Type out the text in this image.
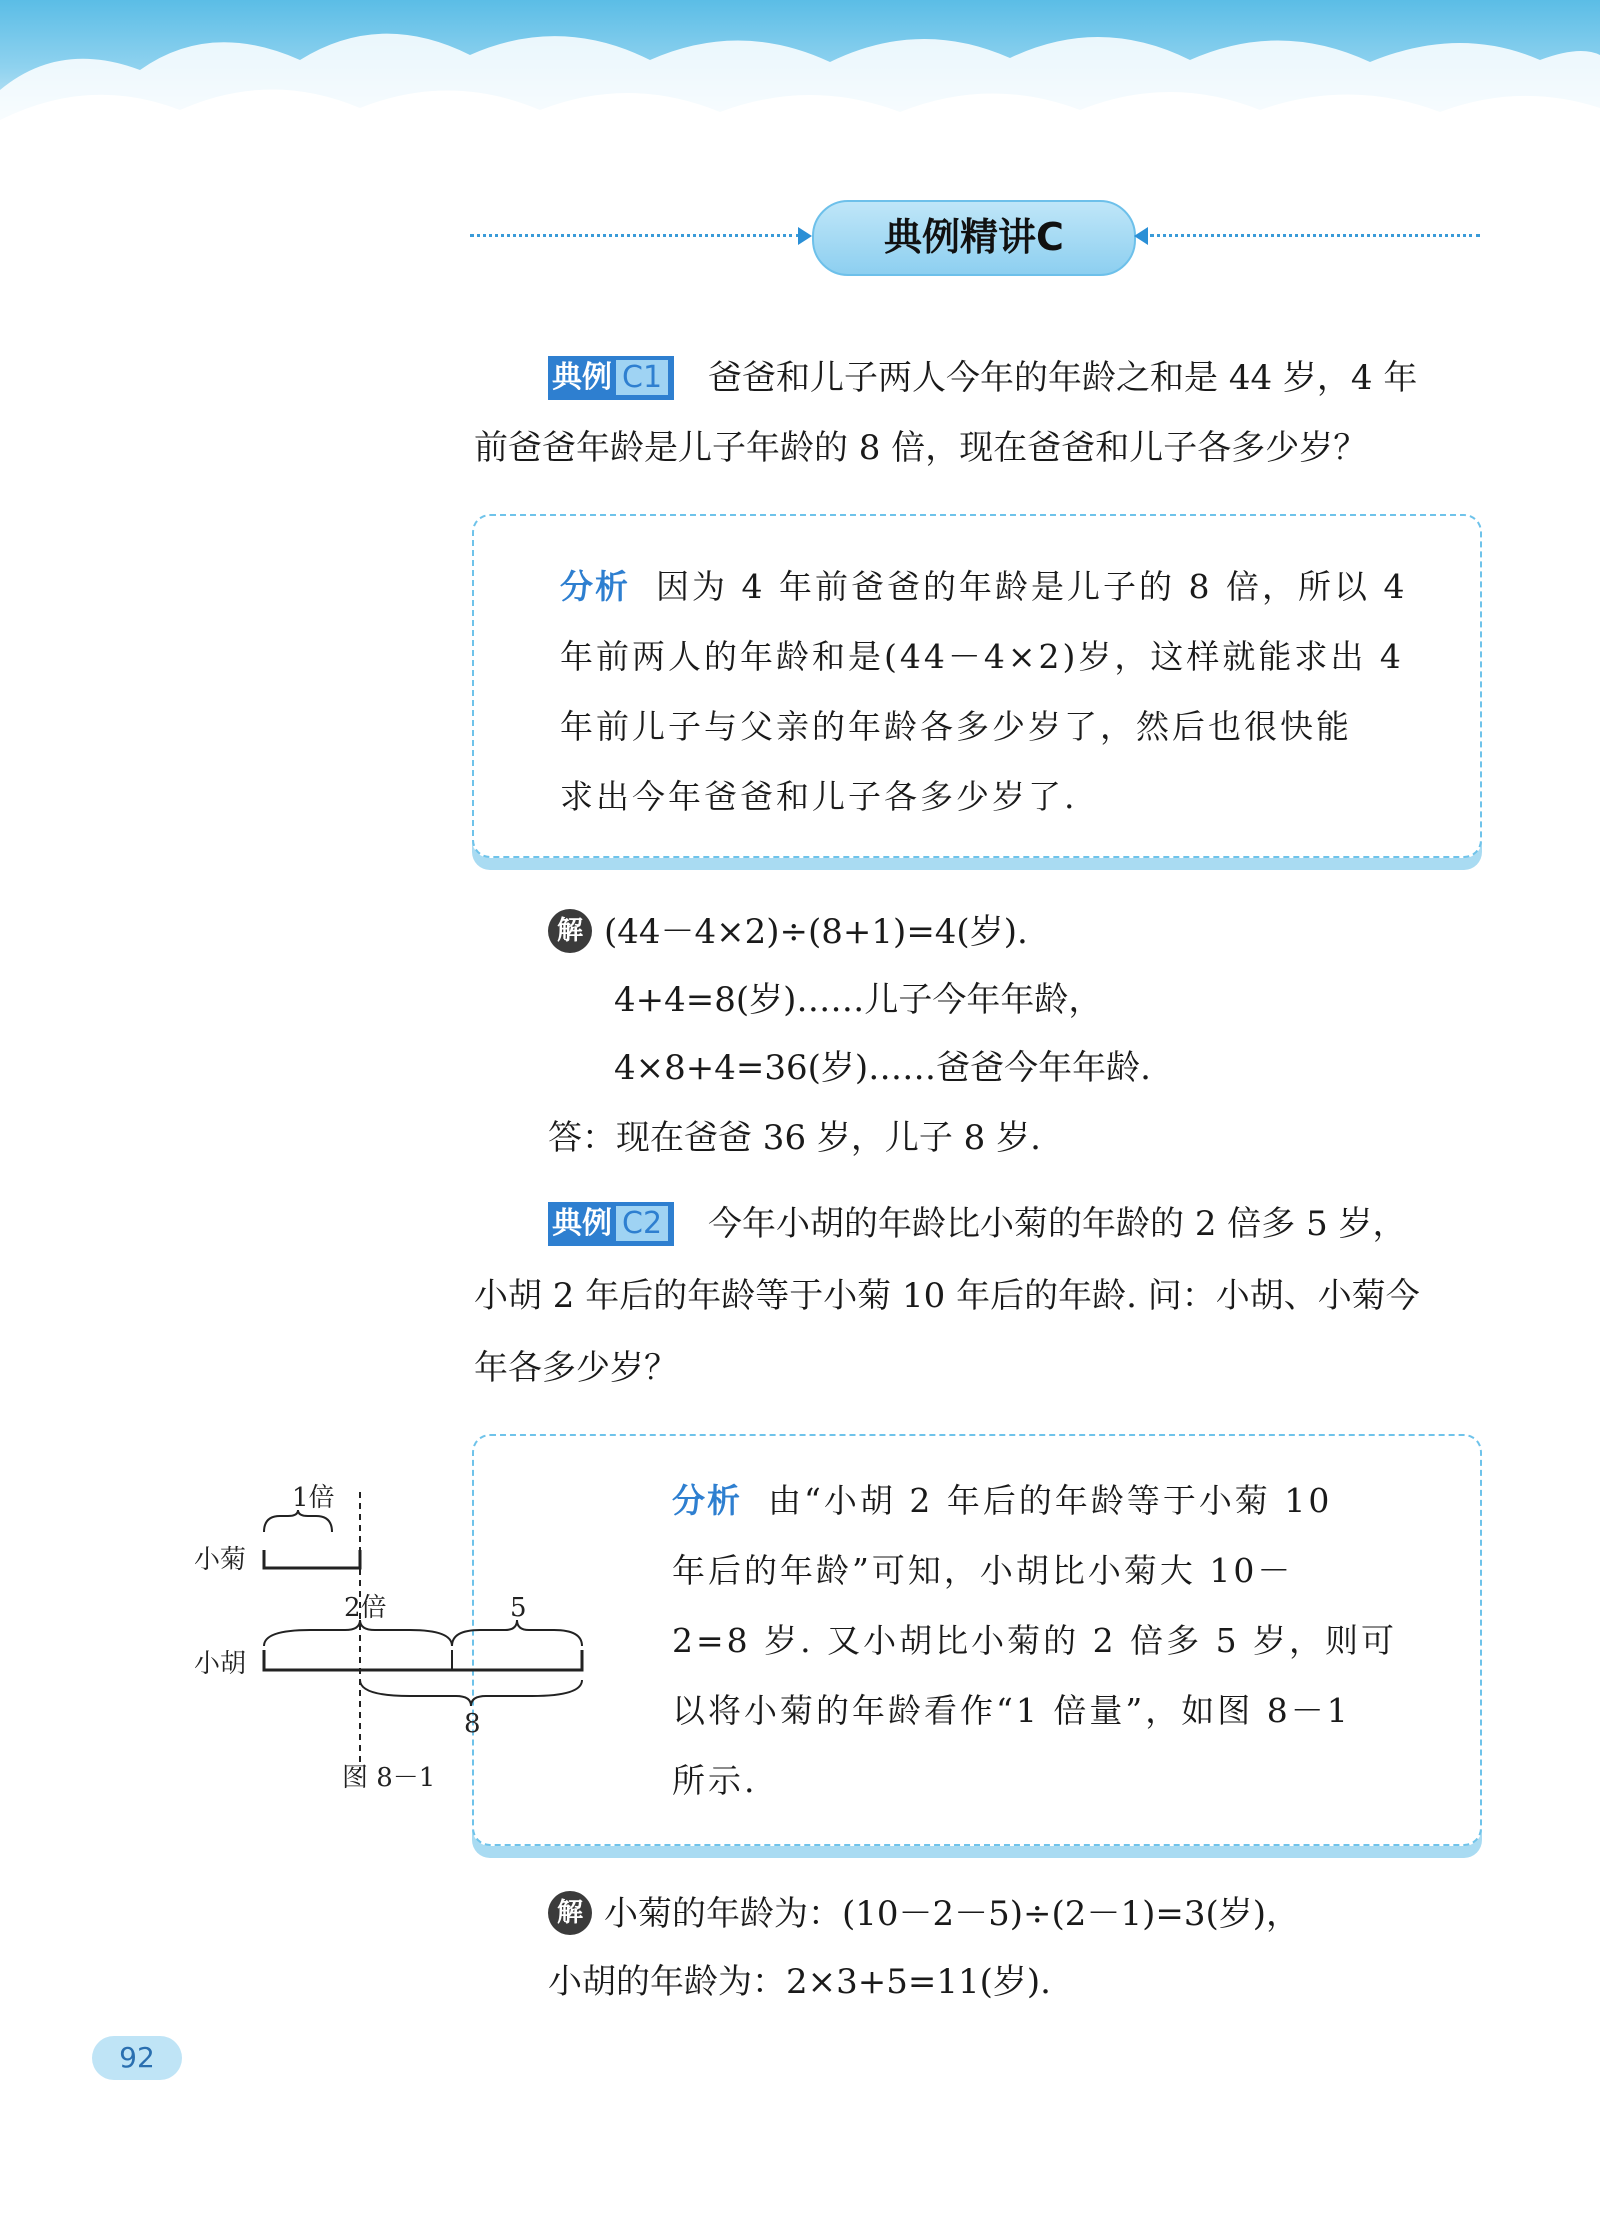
典例精讲C
典例 C1 爸爸和儿子两人今年的年龄之和是 44 岁，4 年
前爸爸年龄是儿子年龄的 8 倍，现在爸爸和儿子各多少岁？
分析 因为 4 年前爸爸的年龄是儿子的 8 倍，所以 4
年前两人的年龄和是(44－4×2)岁，这样就能求出 4
年前儿子与父亲的年龄各多少岁了，然后也很快能
求出今年爸爸和儿子各多少岁了.
解 (44－4×2)÷(8+1)=4(岁).
4+4=8(岁)……儿子今年年龄，
4×8+4=36(岁)……爸爸今年年龄.
答：现在爸爸 36 岁，儿子 8 岁.
典例 C2 今年小胡的年龄比小菊的年龄的 2 倍多 5 岁，
小胡 2 年后的年龄等于小菊 10 年后的年龄. 问：小胡、小菊今
年各多少岁？
分析 由“小胡 2 年后的年龄等于小菊 10
年后的年龄”可知，小胡比小菊大 10－
2=8 岁. 又小胡比小菊的 2 倍多 5 岁，则可
以将小菊的年龄看作“1 倍量”，如图 8－1
所示.
1倍
小菊
2倍	5
小胡
8
图 8－1
解 小菊的年龄为：(10－2－5)÷(2－1)=3(岁)，
小胡的年龄为：2×3+5=11(岁).
92
